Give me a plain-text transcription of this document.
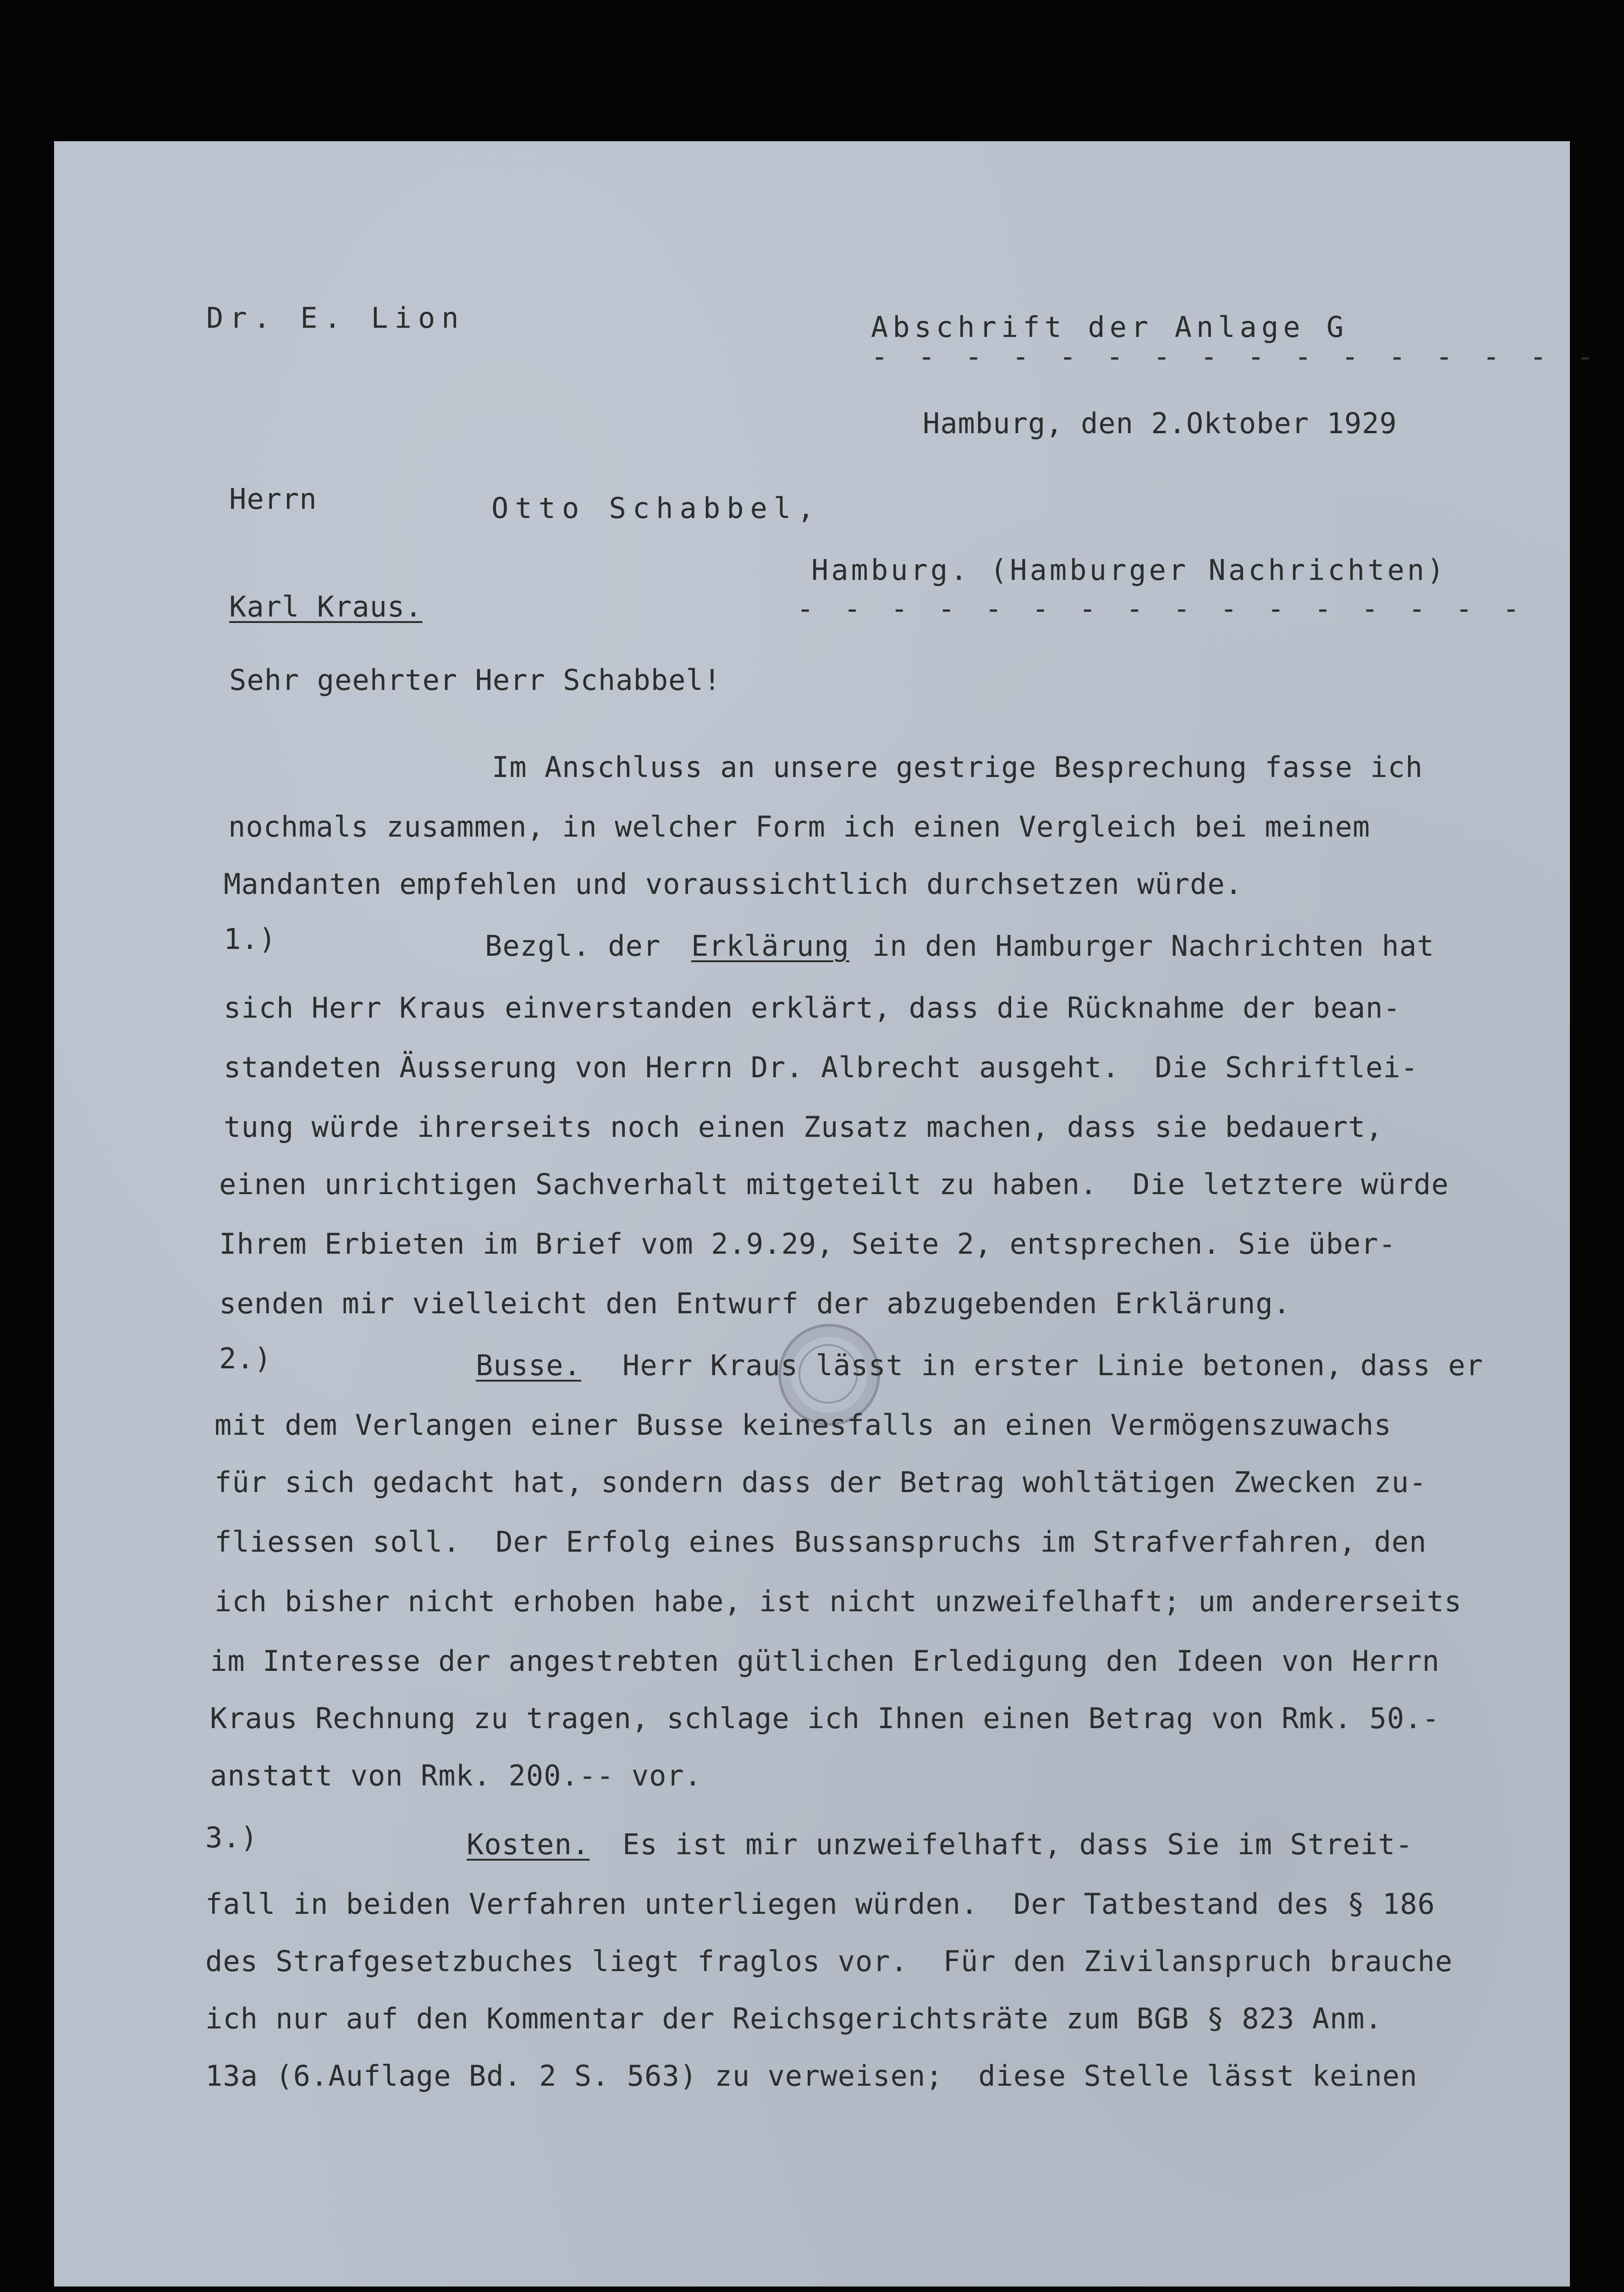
Dr. E. Lion	Abschrift der Anlage G
- - - - - - - - - - - - - - - -
Hamburg, den 2.Oktober 1929
Herrn	Otto Schabbel,
Hamburg. (Hamburger Nachrichten)
- - - - - - - - - - - - - - - -
Karl Kraus.
Sehr geehrter Herr Schabbel!
Im Anschluss an unsere gestrige Besprechung fasse ich
nochmals zusammen, in welcher Form ich einen Vergleich bei meinem
Mandanten empfehlen und voraussichtlich durchsetzen würde.
1.)	Bezgl. der Erklärung in den Hamburger Nachrichten hat
sich Herr Kraus einverstanden erklärt, dass die Rücknahme der bean-
standeten Äusserung von Herrn Dr. Albrecht ausgeht.  Die Schriftlei-
tung würde ihrerseits noch einen Zusatz machen, dass sie bedauert,
einen unrichtigen Sachverhalt mitgeteilt zu haben.  Die letztere würde
Ihrem Erbieten im Brief vom 2.9.29, Seite 2, entsprechen. Sie über-
senden mir vielleicht den Entwurf der abzugebenden Erklärung.
2.)	Busse. Herr Kraus lässt in erster Linie betonen, dass er
mit dem Verlangen einer Busse keinesfalls an einen Vermögenszuwachs
für sich gedacht hat, sondern dass der Betrag wohltätigen Zwecken zu-
fliessen soll.  Der Erfolg eines Bussanspruchs im Strafverfahren, den
ich bisher nicht erhoben habe, ist nicht unzweifelhaft; um andererseits
im Interesse der angestrebten gütlichen Erledigung den Ideen von Herrn
Kraus Rechnung zu tragen, schlage ich Ihnen einen Betrag von Rmk. 50.-
anstatt von Rmk. 200.-- vor.
3.)	Kosten. Es ist mir unzweifelhaft, dass Sie im Streit-
fall in beiden Verfahren unterliegen würden.  Der Tatbestand des § 186
des Strafgesetzbuches liegt fraglos vor.  Für den Zivilanspruch brauche
ich nur auf den Kommentar der Reichsgerichtsräte zum BGB § 823 Anm.
13a (6.Auflage Bd. 2 S. 563) zu verweisen;  diese Stelle lässt keinen
